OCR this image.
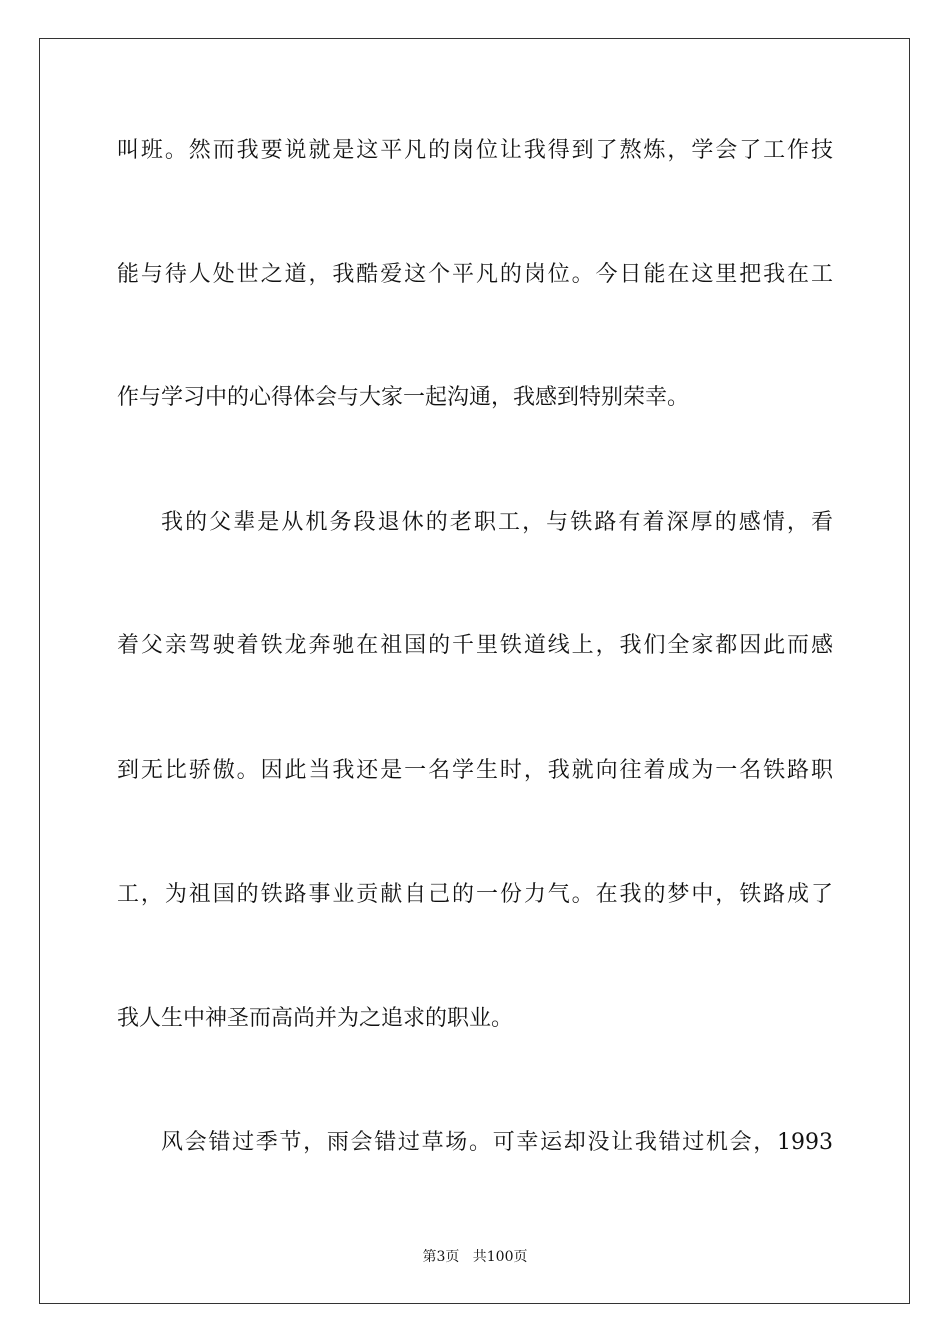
叫班。然而我要说就是这平凡的岗位让我得到了熬炼，学会了工作技
能与待人处世之道，我酷爱这个平凡的岗位。今日能在这里把我在工
作与学习中的心得体会与大家一起沟通，我感到特别荣幸。
我的父辈是从机务段退休的老职工，与铁路有着深厚的感情，看
着父亲驾驶着铁龙奔驰在祖国的千里铁道线上，我们全家都因此而感
到无比骄傲。因此当我还是一名学生时，我就向往着成为一名铁路职
工，为祖国的铁路事业贡献自己的一份力气。在我的梦中，铁路成了
我人生中神圣而高尚并为之追求的职业。
风会错过季节，雨会错过草场。可幸运却没让我错过机会，1993
第3页 共100页
